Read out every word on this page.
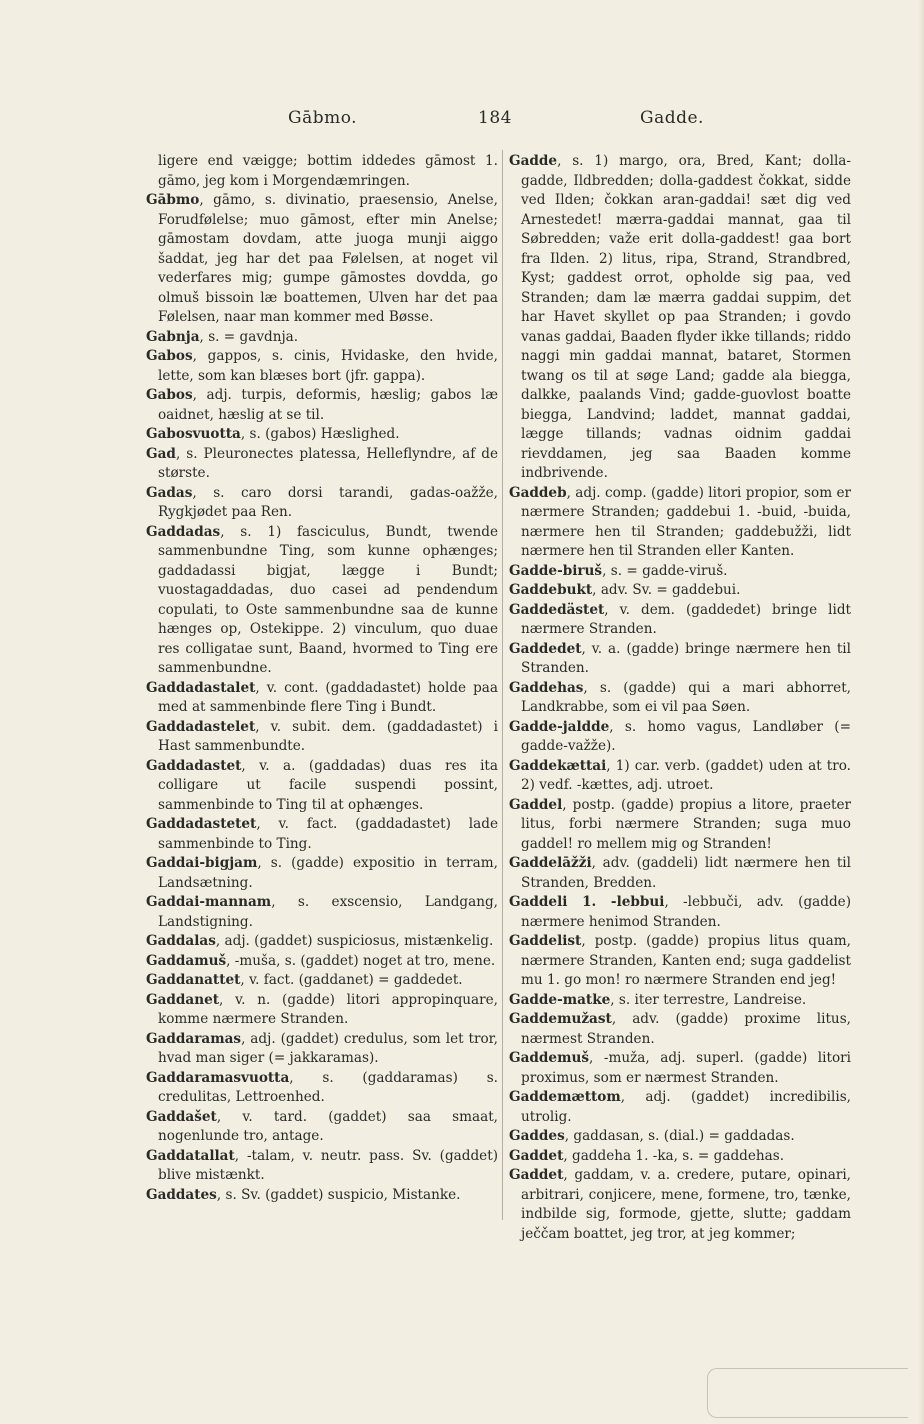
Gābmo.	184	Gadde.

ligere end væigge; bottim iddedes gāmost 1. gāmo, jeg kom i Morgendæmringen.

Gābmo, gāmo, s. divinatio, praesensio, Anelse, Forudfølelse; muo gāmost, efter min Anelse; gāmostam dovdam, atte juoga munji aiggo šaddat, jeg har det paa Følelsen, at noget vil vederfares mig; gumpe gāmostes dovdda, go olmuš bissoin læ boattemen, Ulven har det paa Følelsen, naar man kommer med Bøsse.

Gabnja, s. = gavdnja.

Gabos, gappos, s. cinis, Hvidaske, den hvide, lette, som kan blæses bort (jfr. gappa).

Gabos, adj. turpis, deformis, hæslig; gabos læ oaidnet, hæslig at se til.

Gabosvuotta, s. (gabos) Hæslighed.

Gad, s. Pleuronectes platessa, Helleflyndre, af de største.

Gadas, s. caro dorsi tarandi, gadas-oažže, Rygkjødet paa Ren.

Gaddadas, s. 1) fasciculus, Bundt, twende sammenbundne Ting, som kunne ophænges; gaddadassi bigjat, lægge i Bundt; vuostagaddadas, duo casei ad pendendum copulati, to Oste sammenbundne saa de kunne hænges op, Ostekippe. 2) vinculum, quo duae res colligatae sunt, Baand, hvormed to Ting ere sammenbundne.

Gaddadastalet, v. cont. (gaddadastet) holde paa med at sammenbinde flere Ting i Bundt.

Gaddadastelet, v. subit. dem. (gaddadastet) i Hast sammenbundte.

Gaddadastet, v. a. (gaddadas) duas res ita colligare ut facile suspendi possint, sammenbinde to Ting til at ophænges.

Gaddadastetet, v. fact. (gaddadastet) lade sammenbinde to Ting.

Gaddai-bigjam, s. (gadde) expositio in terram, Landsætning.

Gaddai-mannam, s. exscensio, Landgang, Landstigning.

Gaddalas, adj. (gaddet) suspiciosus, mistænkelig.

Gaddamuš, -muša, s. (gaddet) noget at tro, mene.

Gaddanattet, v. fact. (gaddanet) = gaddedet.

Gaddanet, v. n. (gadde) litori appropinquare, komme nærmere Stranden.

Gaddaramas, adj. (gaddet) credulus, som let tror, hvad man siger (= jakkaramas).

Gaddaramasvuotta, s. (gaddaramas) s. credulitas, Lettroenhed.

Gaddašet, v. tard. (gaddet) saa smaat, nogenlunde tro, antage.

Gaddatallat, -talam, v. neutr. pass. Sv. (gaddet) blive mistænkt.

Gaddates, s. Sv. (gaddet) suspicio, Mistanke.

Gadde, s. 1) margo, ora, Bred, Kant; dolla-gadde, Ildbredden; dolla-gaddest čokkat, sidde ved Ilden; čokkan aran-gaddai! sæt dig ved Arnestedet! mærra-gaddai mannat, gaa til Søbredden; važe erit dolla-gaddest! gaa bort fra Ilden. 2) litus, ripa, Strand, Strandbred, Kyst; gaddest orrot, opholde sig paa, ved Stranden; dam læ mærra gaddai suppim, det har Havet skyllet op paa Stranden; i govdo vanas gaddai, Baaden flyder ikke tillands; riddo naggi min gaddai mannat, bataret, Stormen twang os til at søge Land; gadde ala biegga, dalkke, paalands Vind; gadde-guovlost boatte biegga, Landvind; laddet, mannat gaddai, lægge tillands; vadnas oidnim gaddai rievddamen, jeg saa Baaden komme indbrivende.

Gaddeb, adj. comp. (gadde) litori propior, som er nærmere Stranden; gaddebui 1. -buid, -buida, nærmere hen til Stranden; gaddebužži, lidt nærmere hen til Stranden eller Kanten.

Gadde-biruš, s. = gadde-viruš.

Gaddebukt, adv. Sv. = gaddebui.

Gaddedästet, v. dem. (gaddedet) bringe lidt nærmere Stranden.

Gaddedet, v. a. (gadde) bringe nærmere hen til Stranden.

Gaddehas, s. (gadde) qui a mari abhorret, Landkrabbe, som ei vil paa Søen.

Gadde-jaldde, s. homo vagus, Landløber (= gadde-važže).

Gaddekættai, 1) car. verb. (gaddet) uden at tro. 2) vedf. -kættes, adj. utroet.

Gaddel, postp. (gadde) propius a litore, praeter litus, forbi nærmere Stranden; suga muo gaddel! ro mellem mig og Stranden!

Gaddelāžži, adv. (gaddeli) lidt nærmere hen til Stranden, Bredden.

Gaddeli 1. -lebbui, -lebbuči, adv. (gadde) nærmere henimod Stranden.

Gaddelist, postp. (gadde) propius litus quam, nærmere Stranden, Kanten end; suga gaddelist mu 1. go mon! ro nærmere Stranden end jeg!

Gadde-matke, s. iter terrestre, Landreise.

Gaddemužast, adv. (gadde) proxime litus, nærmest Stranden.

Gaddemuš, -muža, adj. superl. (gadde) litori proximus, som er nærmest Stranden.

Gaddemættom, adj. (gaddet) incredibilis, utrolig.

Gaddes, gaddasan, s. (dial.) = gaddadas.

Gaddet, gaddeha 1. -ka, s. = gaddehas.

Gaddet, gaddam, v. a. credere, putare, opinari, arbitrari, conjicere, mene, formene, tro, tænke, indbilde sig, formode, gjette, slutte; gaddam ječčam boattet, jeg tror, at jeg kommer;
